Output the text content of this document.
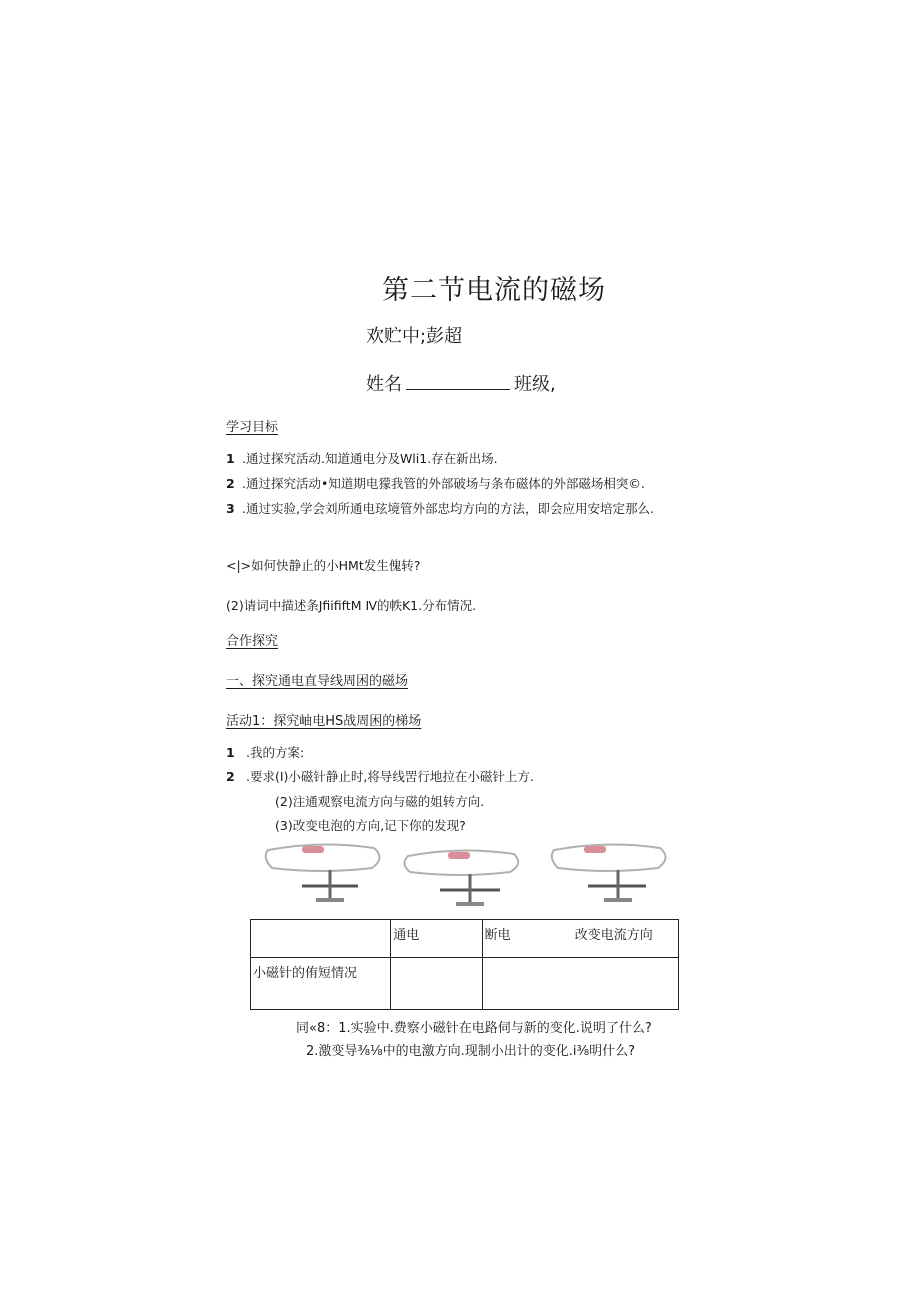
第二节电流的磁场
欢贮中;彭超
姓名	班级,
学习目标
1 .通过探究活动.知道通电分及Wli1.存在新出场.
2 .通过探究活动•知道期电獴我管的外部破场与条布磁体的外部磁场相突©.
3 .通过实验,学会刘所通电玹境管外部忠均方向的方法，即会应用安培定那么.
<|>如何快静止的小HMt发生傀转?
(2)请词中描述条JfiififtM Ⅳ的帙K1.分布情况.
合作探究
一、探究通电直导线周困的磁场
活动1：探究岫电HS战周困的梯场
1 .我的方案:
2 .要求(I)小磁针静止时,将导线罟行地拉在小磁针上方.
(2)注通观察电流方向与磁的姐转方向.
(3)改变电泡的方向,记下你的发现?
	通电	断电 改变电流方向
小磁针的侑短情况		
同«8：1.实验中.费察小磁针在电路伺与新的变化.说明了什么?
2.激变导⅜⅛中的电激方向.现制小出计的变化.i⅜明什么?
